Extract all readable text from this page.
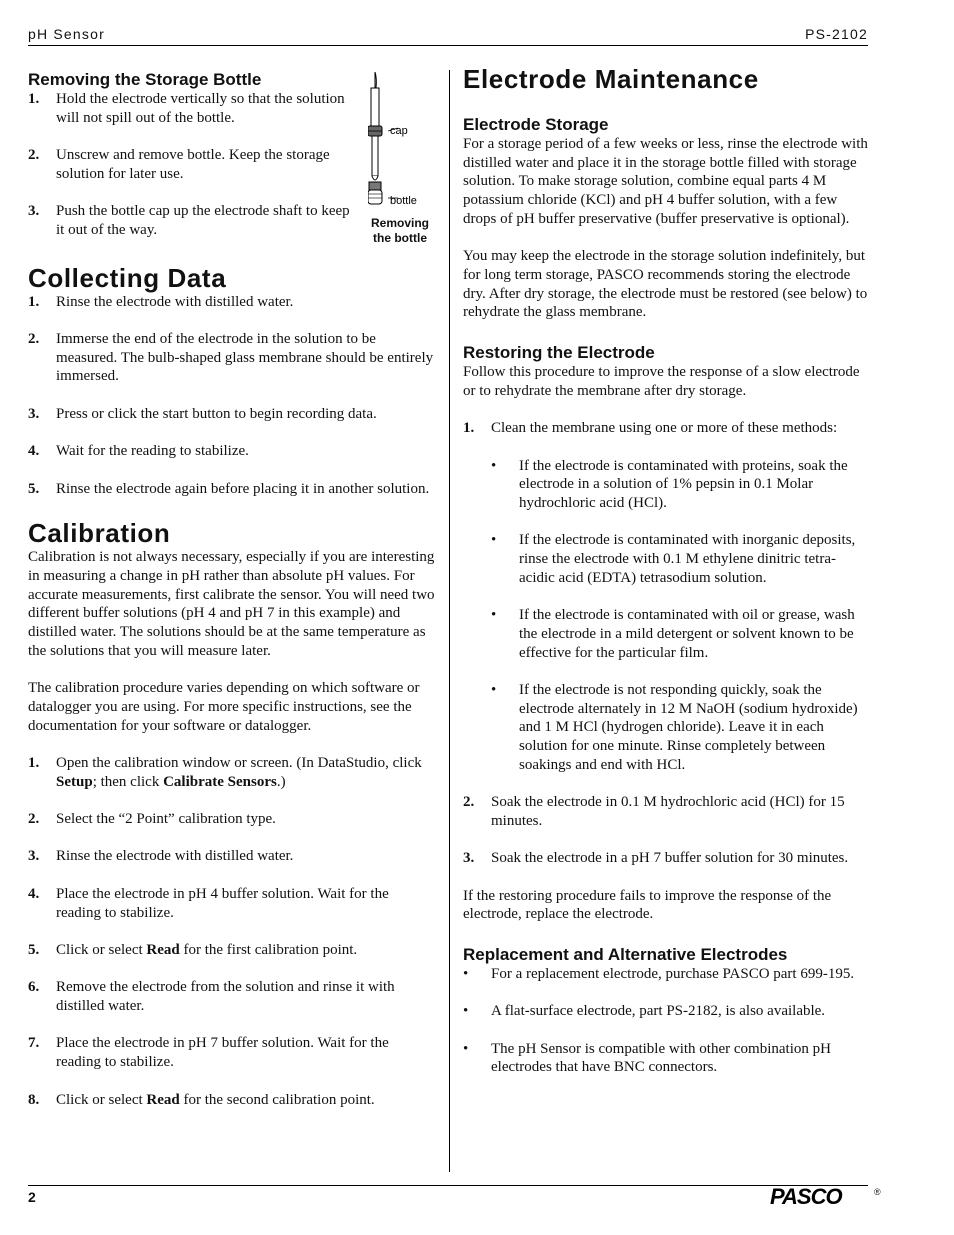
pH Sensor	PS-2102
Removing the Storage Bottle
1.	Hold the electrode vertically so that the solution will not spill out of the bottle.
2.	Unscrew and remove bottle. Keep the storage solution for later use.
3.	Push the bottle cap up the electrode shaft to keep it out of the way.
cap
bottle
Removing
the bottle
Collecting Data
1.	Rinse the electrode with distilled water.
2.	Immerse the end of the electrode in the solution to be measured. The bulb-shaped glass membrane should be entirely immersed.
3.	Press or click the start button to begin recording data.
4.	Wait for the reading to stabilize.
5.	Rinse the electrode again before placing it in another solution.
Calibration

Calibration is not always necessary, especially if you are interesting in measuring a change in pH rather than absolute pH values. For accurate measurements, first calibrate the sensor. You will need two different buffer solutions (pH 4 and pH 7 in this example) and distilled water. The solutions should be at the same temperature as the solutions that you will measure later.

The calibration procedure varies depending on which software or datalogger you are using. For more specific instructions, see the documentation for your software or datalogger.

1.	Open the calibration window or screen. (In DataStudio, click Setup; then click Calibrate Sensors.)
2.	Select the “2 Point” calibration type.
3.	Rinse the electrode with distilled water.
4.	Place the electrode in pH 4 buffer solution. Wait for the reading to stabilize.
5.	Click or select Read for the first calibration point.
6.	Remove the electrode from the solution and rinse it with distilled water.
7.	Place the electrode in pH 7 buffer solution. Wait for the reading to stabilize.
8.	Click or select Read for the second calibration point.
Electrode Maintenance
Electrode Storage

For a storage period of a few weeks or less, rinse the electrode with distilled water and place it in the storage bottle filled with storage solution. To make storage solution, combine equal parts 4 M potassium chloride (KCl) and pH 4 buffer solution, with a few drops of pH buffer preservative (buffer preservative is optional).

You may keep the electrode in the storage solution indefinitely, but for long term storage, PASCO recommends storing the electrode dry. After dry storage, the electrode must be restored (see below) to rehydrate the glass membrane.

Restoring the Electrode

Follow this procedure to improve the response of a slow electrode or to rehydrate the membrane after dry storage.

1.	Clean the membrane using one or more of these methods:
•	If the electrode is contaminated with proteins, soak the electrode in a solution of 1% pepsin in 0.1 Molar hydrochloric acid (HCl).
•	If the electrode is contaminated with inorganic deposits, rinse the electrode with 0.1 M ethylene dinitric tetra-acidic acid (EDTA) tetrasodium solution.
•	If the electrode is contaminated with oil or grease, wash the electrode in a mild detergent or solvent known to be effective for the particular film.
•	If the electrode is not responding quickly, soak the electrode alternately in 12 M NaOH (sodium hydroxide) and 1 M HCl (hydrogen chloride). Leave it in each solution for one minute. Rinse completely between soakings and end with HCl.
2.	Soak the electrode in 0.1 M hydrochloric acid (HCl) for 15 minutes.
3.	Soak the electrode in a pH 7 buffer solution for 30 minutes.

If the restoring procedure fails to improve the response of the electrode, replace the electrode.

Replacement and Alternative Electrodes
•	For a replacement electrode, purchase PASCO part 699-195.
•	A flat-surface electrode, part PS-2182, is also available.
•	The pH Sensor is compatible with other combination pH electrodes that have BNC connectors.
2	PASCO	®
